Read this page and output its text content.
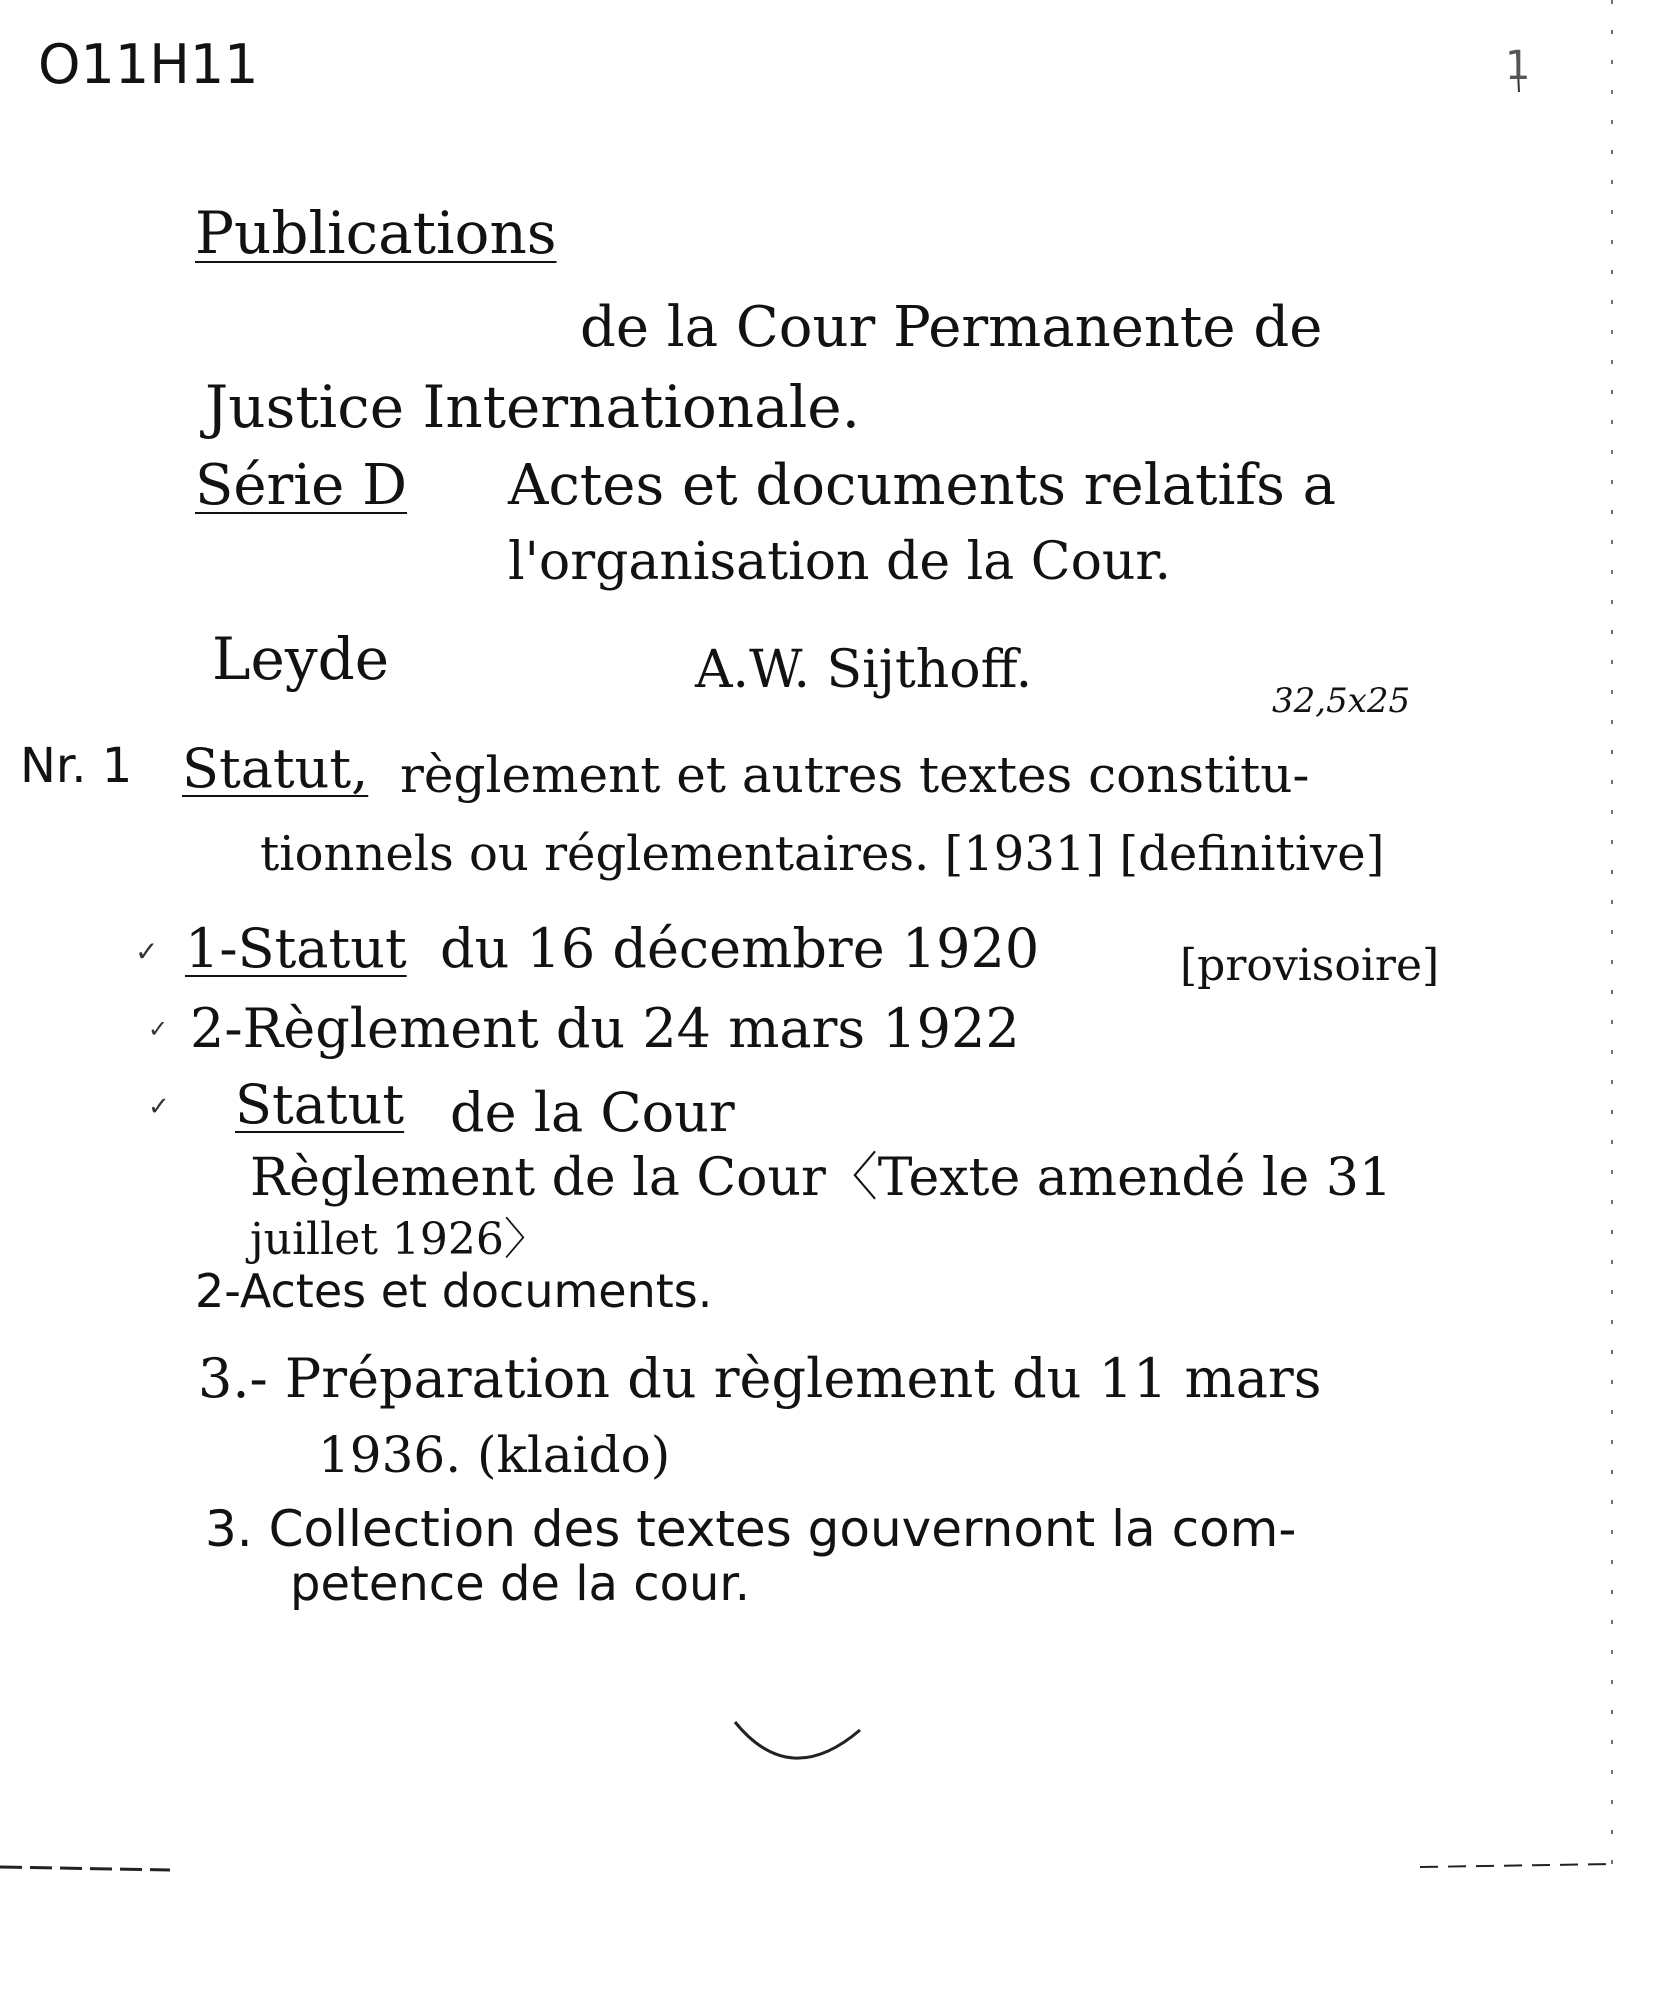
O11H11	1
Publications
de la Cour Permanente de
Justice Internationale.
Série D Actes et documents relatifs a
l'organisation de la Cour.
Leyde	A.W. Sijthoff.
32,5x25
Nr. 1 Statut, règlement et autres textes constitu-
tionnels ou réglementaires. [1931] [definitive]
✓ 1-Statut du 16 décembre 1920	[provisoire]
✓ 2-Règlement du 24 mars 1922
✓ Statut de la Cour
Règlement de la Cour〈Texte amendé le 31
juillet 1926〉
2-Actes et documents.
3.- Préparation du règlement du 11 mars
1936. (klaido)
3. Collection des textes gouvernont la com-
petence de la cour.
